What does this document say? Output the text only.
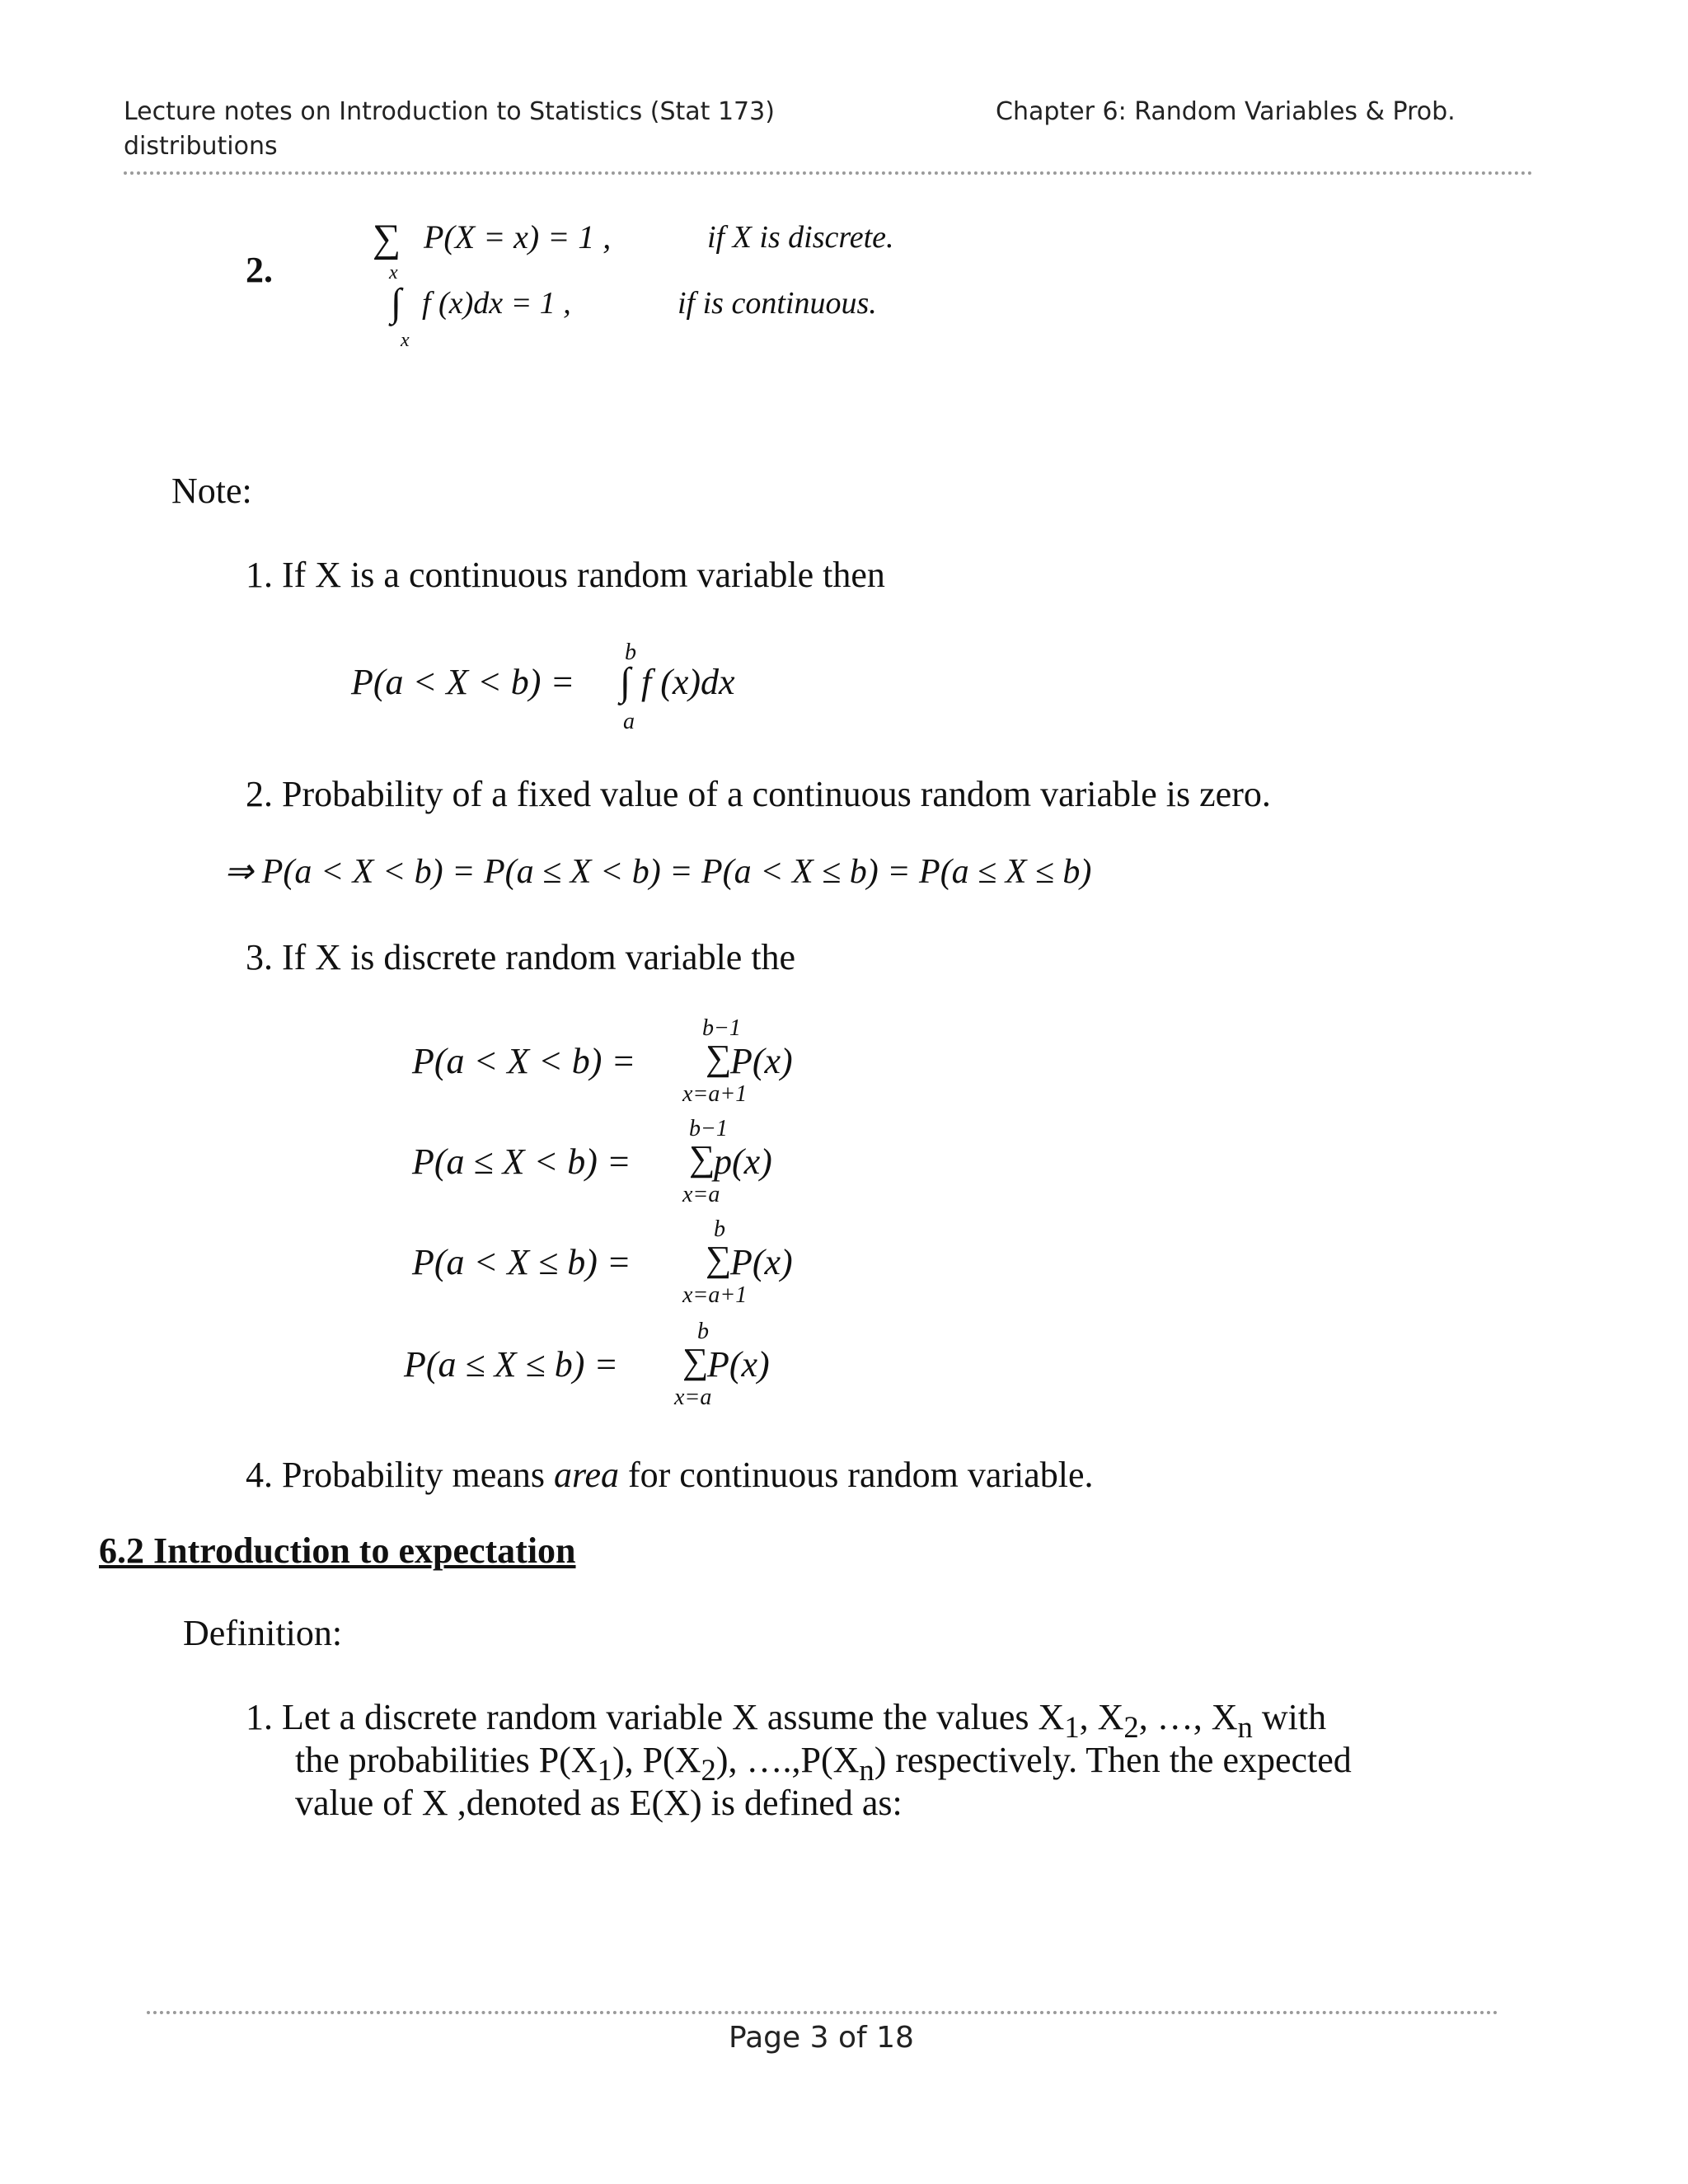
Lecture notes on Introduction to Statistics (Stat 173)
distributions
Chapter 6: Random Variables & Prob.
2.
∑ P(X = x) = 1 ,	if X is discrete.
x
∫ f (x)dx = 1 ,	if is continuous.
x
Note:
1. If X is a continuous random variable then
P(a < X < b) =
b
∫ f (x)dx
a
2. Probability of a fixed value of a continuous random variable is zero.
⇒ P(a < X < b) = P(a ≤ X < b) = P(a < X ≤ b) = P(a ≤ X ≤ b)
3. If X is discrete random variable the
P(a < X < b) =
b−1
∑
P(x)
x=a+1
P(a ≤ X < b) =
b−1
∑
p(x)
x=a
P(a < X ≤ b) =
b
∑
P(x)
x=a+1
P(a ≤ X ≤ b) =
b
∑
P(x)
x=a
4. Probability means area for continuous random variable.
6.2 Introduction to expectation
Definition:
1. Let a discrete random variable X assume the values $X_1$, $X_2$, …, $X_n$ with
the probabilities $P(X_1)$, $P(X_2)$, $\dots.,P(X_n)$ respectively. Then the expected
value of X ,denoted as E(X) is defined as:
Page 3 of 18
